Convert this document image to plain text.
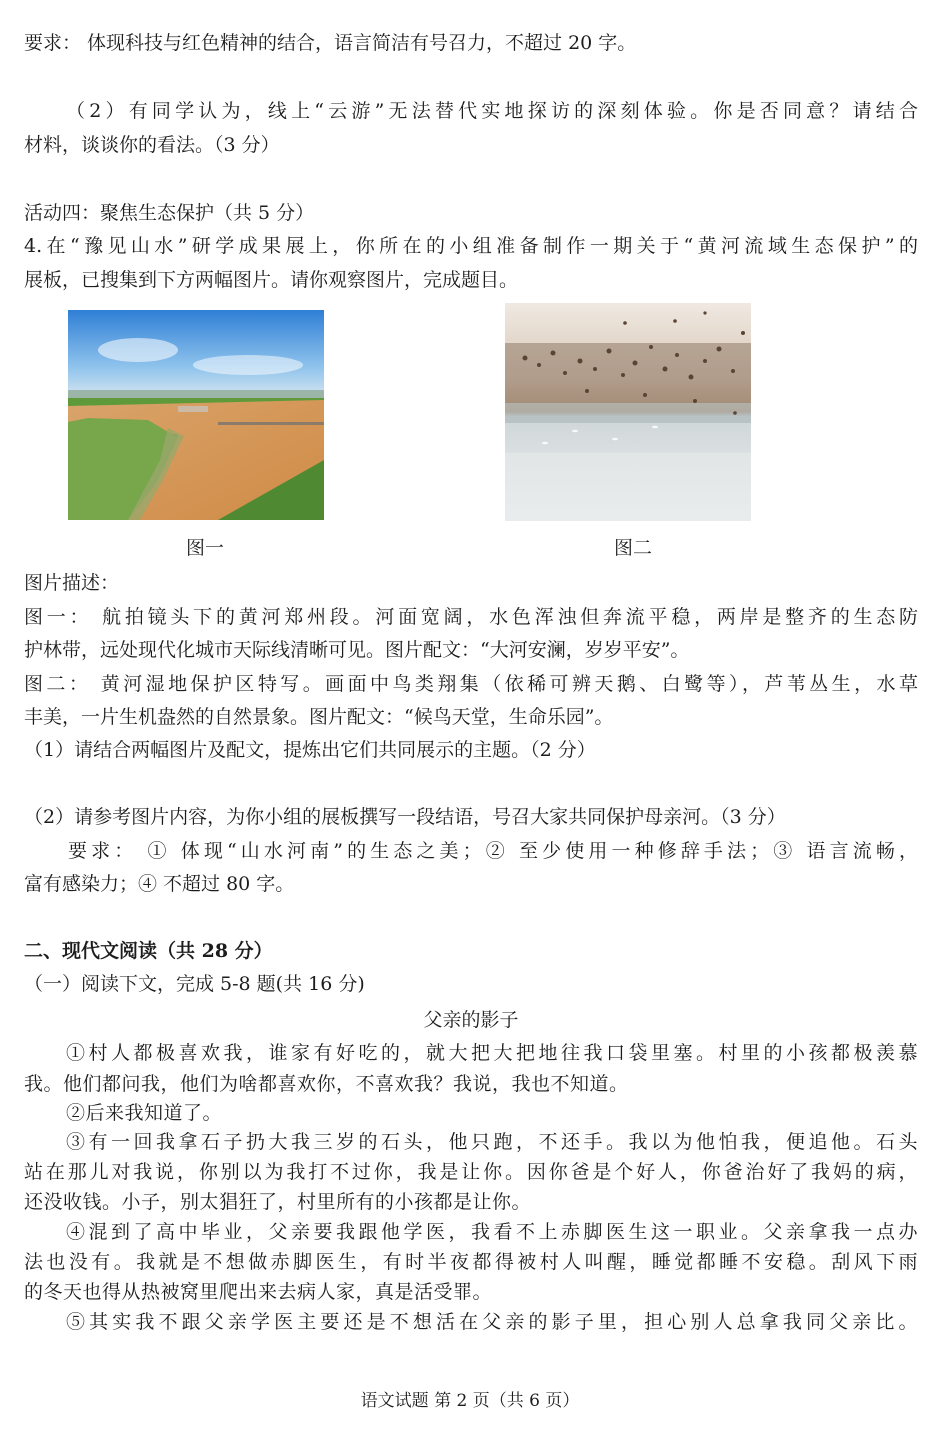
要求： 体现科技与红色精神的结合，语言简洁有号召力，不超过 20 字。
（2）有同学认为，线上“云游”无法替代实地探访的深刻体验。你是否同意？请结合
材料，谈谈你的看法。（3 分）
活动四：聚焦生态保护（共 5 分）
4.在“豫见山水”研学成果展上，你所在的小组准备制作一期关于“黄河流域生态保护”的
展板，已搜集到下方两幅图片。请你观察图片，完成题目。
图一	图二
图片描述：
图一： 航拍镜头下的黄河郑州段。河面宽阔，水色浑浊但奔流平稳，两岸是整齐的生态防
护林带，远处现代化城市天际线清晰可见。图片配文：“大河安澜，岁岁平安”。
图二： 黄河湿地保护区特写。画面中鸟类翔集（依稀可辨天鹅、白鹭等），芦苇丛生，水草
丰美，一片生机盎然的自然景象。图片配文：“候鸟天堂，生命乐园”。
（1）请结合两幅图片及配文，提炼出它们共同展示的主题。（2 分）
（2）请参考图片内容，为你小组的展板撰写一段结语，号召大家共同保护母亲河。（3 分）
要求： ① 体现“山水河南”的生态之美；② 至少使用一种修辞手法；③ 语言流畅，
富有感染力；④ 不超过 80 字。
二、现代文阅读（共 28 分）
（一）阅读下文，完成 5-8 题(共 16 分)
父亲的影子
①村人都极喜欢我，谁家有好吃的，就大把大把地往我口袋里塞。村里的小孩都极羡慕
我。他们都问我，他们为啥都喜欢你，不喜欢我？我说，我也不知道。
②后来我知道了。
③有一回我拿石子扔大我三岁的石头，他只跑，不还手。我以为他怕我，便追他。石头
站在那儿对我说，你别以为我打不过你，我是让你。因你爸是个好人，你爸治好了我妈的病，
还没收钱。小子，别太猖狂了，村里所有的小孩都是让你。
④混到了高中毕业，父亲要我跟他学医，我看不上赤脚医生这一职业。父亲拿我一点办
法也没有。我就是不想做赤脚医生，有时半夜都得被村人叫醒，睡觉都睡不安稳。刮风下雨
的冬天也得从热被窝里爬出来去病人家，真是活受罪。
⑤其实我不跟父亲学医主要还是不想活在父亲的影子里，担心别人总拿我同父亲比。
语文试题 第 2 页（共 6 页）
